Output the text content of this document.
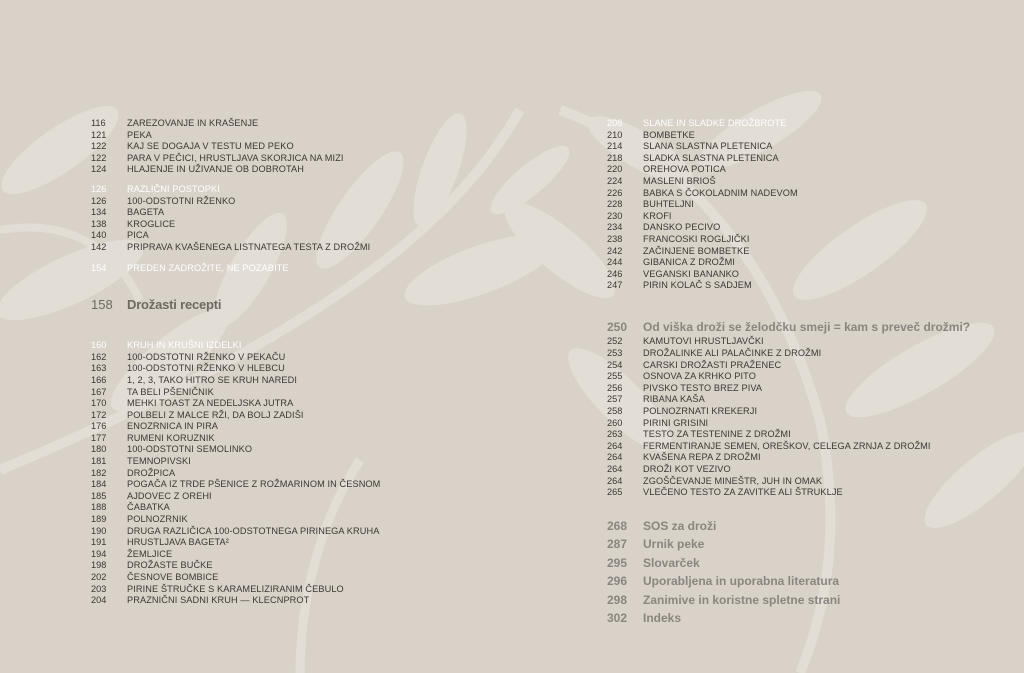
116	ZAREZOVANJE IN KRAŠENJE
121	PEKA
122	KAJ SE DOGAJA V TESTU MED PEKO
122	PARA V PEČICI, HRUSTLJAVA SKORJICA NA MIZI
124	HLAJENJE IN UŽIVANJE OB DOBROTAH
126	RAZLIČNI POSTOPKI
126	100-ODSTOTNI RŽENKO
134	BAGETA
138	KROGLICE
140	PICA
142	PRIPRAVA KVAŠENEGA LISTNATEGA TESTA Z DROŽMI
154	PREDEN ZADROŽITE, NE POZABITE
158	Drožasti recepti
160	KRUH IN KRUŠNI IZDELKI
162	100-ODSTOTNI RŽENKO V PEKAČU
163	100-ODSTOTNI RŽENKO V HLEBCU
166	1, 2, 3, TAKO HITRO SE KRUH NAREDI
167	TA BELI PŠENIČNIK
170	MEHKI TOAST ZA NEDELJSKA JUTRA
172	POLBELI Z MALCE RŽI, DA BOLJ ZADIŠI
176	ENOZRNICA IN PIRA
177	RUMENI KORUZNIK
180	100-ODSTOTNI SEMOLINKO
181	TEMNOPIVSKI
182	DROŽPICA
184	POGAČA IZ TRDE PŠENICE Z ROŽMARINOM IN ČESNOM
185	AJDOVEC Z OREHI
188	ČABATKA
189	POLNOZRNIK
190	DRUGA RAZLIČICA 100-ODSTOTNEGA PIRINEGA KRUHA
191	HRUSTLJAVA BAGETA²
194	ŽEMLJICE
198	DROŽASTE BUČKE
202	ČESNOVE BOMBICE
203	PIRINE ŠTRUČKE S KARAMELIZIRANIM ČEBULO
204	PRAZNIČNI SADNI KRUH — KLECNPROT
208	SLANE IN SLADKE DROŽBROTE
210	BOMBETKE
214	SLANA SLASTNA PLETENICA
218	SLADKA SLASTNA PLETENICA
220	OREHOVA POTICA
224	MASLENI BRIOŠ
226	BABKA S ČOKOLADNIM NADEVOM
228	BUHTELJNI
230	KROFI
234	DANSKO PECIVO
238	FRANCOSKI ROGLJIČKI
242	ZAČINJENE BOMBETKE
244	GIBANICA Z DROŽMI
246	VEGANSKI BANANKO
247	PIRIN KOLAČ S SADJEM
250	Od viška droži se želodčku smeji = kam s preveč drožmi?
252	KAMUTOVI HRUSTLJAVČKI
253	DROŽALINKE ALI PALAČINKE Z DROŽMI
254	CARSKI DROŽASTI PRAŽENEC
255	OSNOVA ZA KRHKO PITO
256	PIVSKO TESTO BREZ PIVA
257	RIBANA KAŠA
258	POLNOZRNATI KREKERJI
260	PIRINI GRISINI
263	TESTO ZA TESTENINE Z DROŽMI
264	FERMENTIRANJE SEMEN, OREŠKOV, CELEGA ZRNJA Z DROŽMI
264	KVAŠENA REPA Z DROŽMI
264	DROŽI KOT VEZIVO
264	ZGOŠČEVANJE MINEŠTR, JUH IN OMAK
265	VLEČENO TESTO ZA ZAVITKE ALI ŠTRUKLJE
268	SOS za droži
287	Urnik peke
295	Slovarček
296	Uporabljena in uporabna literatura
298	Zanimive in koristne spletne strani
302	Indeks
